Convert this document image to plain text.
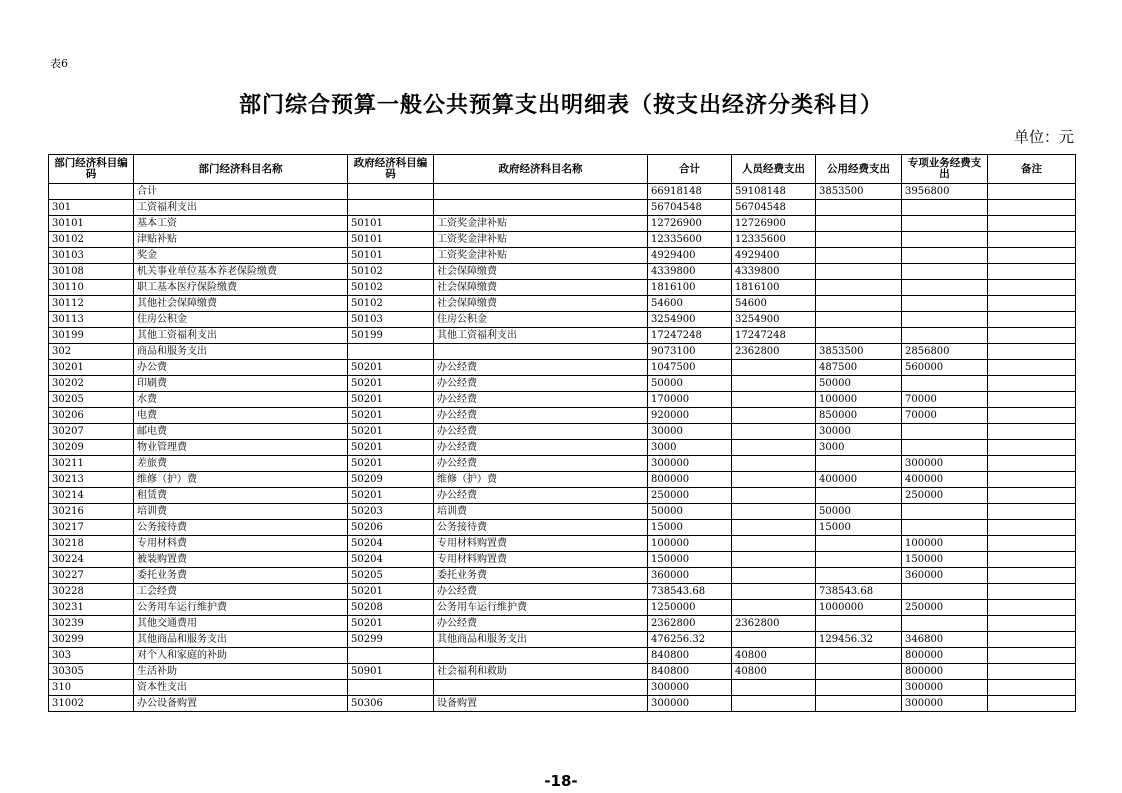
表6
部门综合预算一般公共预算支出明细表（按支出经济分类科目）
单位：元
部门经济科目编码	部门经济科目名称	政府经济科目编码	政府经济科目名称	合计	人员经费支出	公用经费支出	专项业务经费支出	备注
	合计			66918148	59108148	3853500	3956800	
301	工资福利支出			56704548	56704548			
30101	基本工资	50101	工资奖金津补贴	12726900	12726900			
30102	津贴补贴	50101	工资奖金津补贴	12335600	12335600			
30103	奖金	50101	工资奖金津补贴	4929400	4929400			
30108	机关事业单位基本养老保险缴费	50102	社会保障缴费	4339800	4339800			
30110	职工基本医疗保险缴费	50102	社会保障缴费	1816100	1816100			
30112	其他社会保障缴费	50102	社会保障缴费	54600	54600			
30113	住房公积金	50103	住房公积金	3254900	3254900			
30199	其他工资福利支出	50199	其他工资福利支出	17247248	17247248			
302	商品和服务支出			9073100	2362800	3853500	2856800	
30201	办公费	50201	办公经费	1047500		487500	560000	
30202	印刷费	50201	办公经费	50000		50000		
30205	水费	50201	办公经费	170000		100000	70000	
30206	电费	50201	办公经费	920000		850000	70000	
30207	邮电费	50201	办公经费	30000		30000		
30209	物业管理费	50201	办公经费	3000		3000		
30211	差旅费	50201	办公经费	300000			300000	
30213	维修（护）费	50209	维修（护）费	800000		400000	400000	
30214	租赁费	50201	办公经费	250000			250000	
30216	培训费	50203	培训费	50000		50000		
30217	公务接待费	50206	公务接待费	15000		15000		
30218	专用材料费	50204	专用材料购置费	100000			100000	
30224	被装购置费	50204	专用材料购置费	150000			150000	
30227	委托业务费	50205	委托业务费	360000			360000	
30228	工会经费	50201	办公经费	738543.68		738543.68		
30231	公务用车运行维护费	50208	公务用车运行维护费	1250000		1000000	250000	
30239	其他交通费用	50201	办公经费	2362800	2362800			
30299	其他商品和服务支出	50299	其他商品和服务支出	476256.32		129456.32	346800	
303	对个人和家庭的补助			840800	40800		800000	
30305	生活补助	50901	社会福利和救助	840800	40800		800000	
310	资本性支出			300000			300000	
31002	办公设备购置	50306	设备购置	300000			300000	
-18-
